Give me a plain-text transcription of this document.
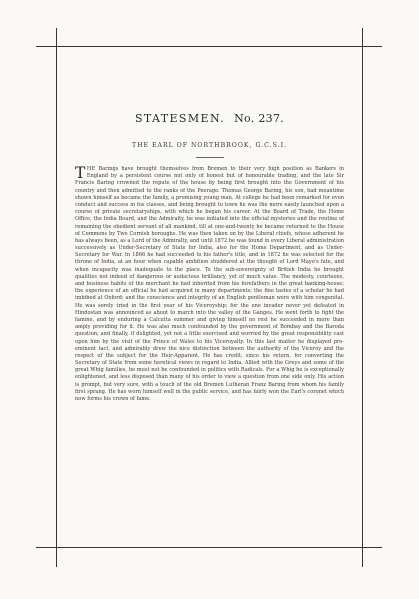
STATESMEN. No. 237.
THE EARL OF NORTHBROOK, G.C.S.I.

THE Barings have brought themselves from Bremen to their very high position as Bankers in England by a persistent course not only of honest but of honourable trading, and the late Sir Francis Baring crowned the repute of the house by being first brought into the Government of his country and then admitted to the ranks of the Peerage. Thomas George Baring, his son, had meantime shown himself as became the family, a promising young man. At college he had been remarked for even conduct and success in his classes, and being brought to town he was the more easily launched upon a course of private secretaryships, with which he began his career. At the Board of Trade, the Home Office, the India Board, and the Admiralty, he was initiated into the official mysteries and the routine of remaining the obedient servant of all mankind, till at one-and-twenty he became returned to the House of Commons by Two Cornish boroughs. He was then taken on by the Liberal chiefs, whose adherent he has always been, as a Lord of the Admiralty, and until 1872 he was found in every Liberal administration successively as Under-Secretary of State for India, also for the Home Department, and as Under-Secretary for War. In 1866 he had succeeded to his father's title, and in 1872 he was selected for the throne of India, at an hour when capable ambition shuddered at the thought of Lord Mayo's fate, and when incapacity was inadequate to the place. To the sub-sovereignty of British India he brought qualities not indeed of dangerous or audacious brilliancy, yet of much value. The modesty, courteous, and business habits of the merchant he had inherited from his forefathers in the great banking-house; the experience of an official he had acquired in many departments; the fine tastes of a scholar he had imbibed at Oxford; and the conscience and integrity of an English gentleman were with him congenital. He was sorely tried in the first year of his Viceroyship; for the one invader never yet defeated in Hindostan was announced as about to march into the valley of the Ganges. He went forth to fight the famine, and by enduring a Calcutta summer and giving himself no rest he succeeded in more than amply providing for it. He was also much confounded by the government of Bombay and the Baroda question; and finally, if delighted, yet not a little exercised and worried by the great responsibility cast upon him by the visit of the Prince of Wales to his Viceroyalty. In this last matter he displayed pre-eminent tact, and admirably drew the nice distinction between the authority of the Viceroy and the respect of the subject for the Heir-Apparent. He has credit, since his return, for converting the Secretary of State from some heretical views in regard to India. Allied with the Greys and some of the great Whig families, he must not be confounded in politics with Radicals. For a Whig he is exceptionally enlightened, and less disposed than many of his order to view a question from one side only. His action is prompt, but very sure, with a touch of the old Bremen Lutheran Franz Baring from whom his family first sprang. He has worn himself well in the public service, and has fairly won the Earl's coronet which now forms his crown of fame.
